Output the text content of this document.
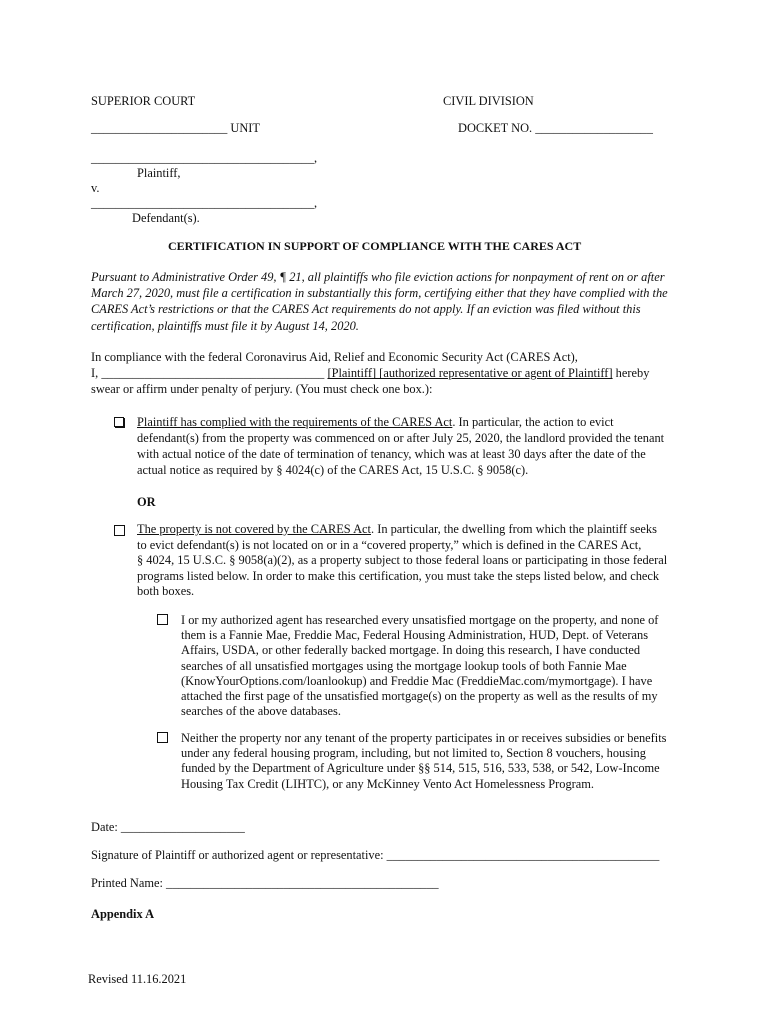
SUPERIOR COURT	CIVIL DIVISION
______________________ UNIT	DOCKET NO. ___________________
____________________________________,
Plaintiff,
v.
____________________________________,
Defendant(s).
CERTIFICATION IN SUPPORT OF COMPLIANCE WITH THE CARES ACT
Pursuant to Administrative Order 49, ¶ 21, all plaintiffs who file eviction actions for nonpayment of rent on or after
March 27, 2020, must file a certification in substantially this form, certifying either that they have complied with the
CARES Act’s restrictions or that the CARES Act requirements do not apply. If an eviction was filed without this
certification, plaintiffs must file it by August 14, 2020.
In compliance with the federal Coronavirus Aid, Relief and Economic Security Act (CARES Act),
I, ____________________________________ [Plaintiff] [authorized representative or agent of Plaintiff] hereby
swear or affirm under penalty of perjury. (You must check one box.):
Plaintiff has complied with the requirements of the CARES Act. In particular, the action to evict
defendant(s) from the property was commenced on or after July 25, 2020, the landlord provided the tenant
with actual notice of the date of termination of tenancy, which was at least 30 days after the date of the
actual notice as required by § 4024(c) of the CARES Act, 15 U.S.C. § 9058(c).
OR
The property is not covered by the CARES Act. In particular, the dwelling from which the plaintiff seeks
to evict defendant(s) is not located on or in a “covered property,” which is defined in the CARES Act,
§ 4024, 15 U.S.C. § 9058(a)(2), as a property subject to those federal loans or participating in those federal
programs listed below. In order to make this certification, you must take the steps listed below, and check
both boxes.
I or my authorized agent has researched every unsatisfied mortgage on the property, and none of
them is a Fannie Mae, Freddie Mac, Federal Housing Administration, HUD, Dept. of Veterans
Affairs, USDA, or other federally backed mortgage. In doing this research, I have conducted
searches of all unsatisfied mortgages using the mortgage lookup tools of both Fannie Mae
(KnowYourOptions.com/loanlookup) and Freddie Mac (FreddieMac.com/mymortgage). I have
attached the first page of the unsatisfied mortgage(s) on the property as well as the results of my
searches of the above databases.
Neither the property nor any tenant of the property participates in or receives subsidies or benefits
under any federal housing program, including, but not limited to, Section 8 vouchers, housing
funded by the Department of Agriculture under §§ 514, 515, 516, 533, 538, or 542, Low-Income
Housing Tax Credit (LIHTC), or any McKinney Vento Act Homelessness Program.
Date: ____________________
Signature of Plaintiff or authorized agent or representative: ____________________________________________
Printed Name: ____________________________________________
Appendix A
Revised 11.16.2021
